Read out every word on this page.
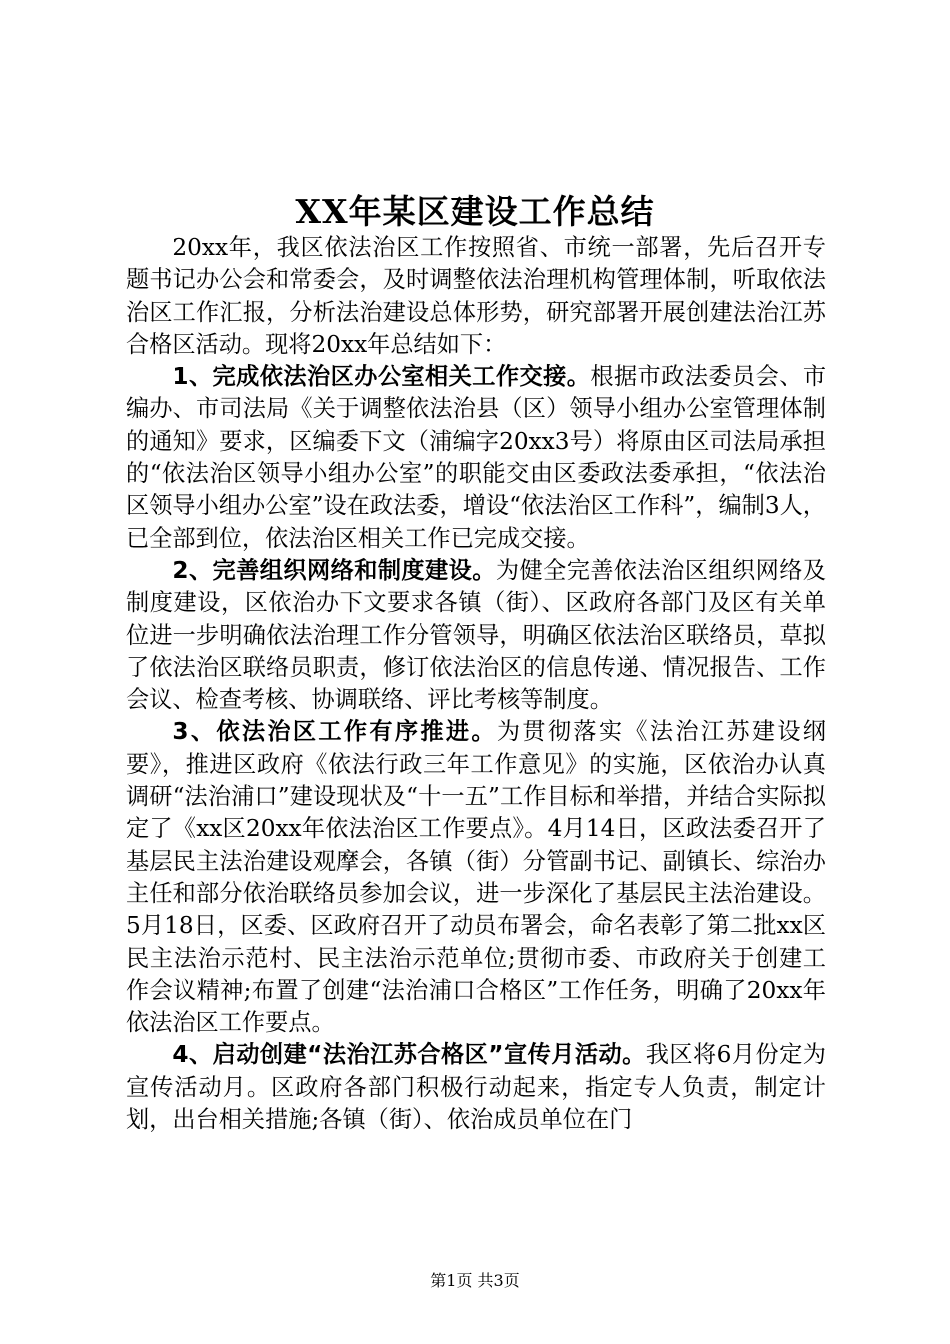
XX年某区建设工作总结

20xx年，我区依法治区工作按照省、市统一部署，先后召开专题书记办公会和常委会，及时调整依法治理机构管理体制，听取依法治区工作汇报，分析法治建设总体形势，研究部署开展创建法治江苏合格区活动。现将20xx年总结如下：

1、完成依法治区办公室相关工作交接。根据市政法委员会、市编办、市司法局《关于调整依法治县（区）领导小组办公室管理体制的通知》要求，区编委下文（浦编字20xx3号）将原由区司法局承担的“依法治区领导小组办公室”的职能交由区委政法委承担，“依法治区领导小组办公室”设在政法委，增设“依法治区工作科”，编制3人，已全部到位，依法治区相关工作已完成交接。

2、完善组织网络和制度建设。为健全完善依法治区组织网络及制度建设，区依治办下文要求各镇（街）、区政府各部门及区有关单位进一步明确依法治理工作分管领导，明确区依法治区联络员，草拟了依法治区联络员职责，修订依法治区的信息传递、情况报告、工作会议、检查考核、协调联络、评比考核等制度。

3、依法治区工作有序推进。为贯彻落实《法治江苏建设纲要》，推进区政府《依法行政三年工作意见》的实施，区依治办认真调研“法治浦口”建设现状及“十一五”工作目标和举措，并结合实际拟定了《xx区20xx年依法治区工作要点》。4月14日，区政法委召开了基层民主法治建设观摩会，各镇（街）分管副书记、副镇长、综治办主任和部分依治联络员参加会议，进一步深化了基层民主法治建设。5月18日，区委、区政府召开了动员布署会，命名表彰了第二批xx区民主法治示范村、民主法治示范单位;贯彻市委、市政府关于创建工作会议精神;布置了创建“法治浦口合格区”工作任务，明确了20xx年依法治区工作要点。

4、启动创建“法治江苏合格区”宣传月活动。我区将6月份定为宣传活动月。区政府各部门积极行动起来，指定专人负责，制定计划，出台相关措施;各镇（街）、依治成员单位在门

第1页 共3页
